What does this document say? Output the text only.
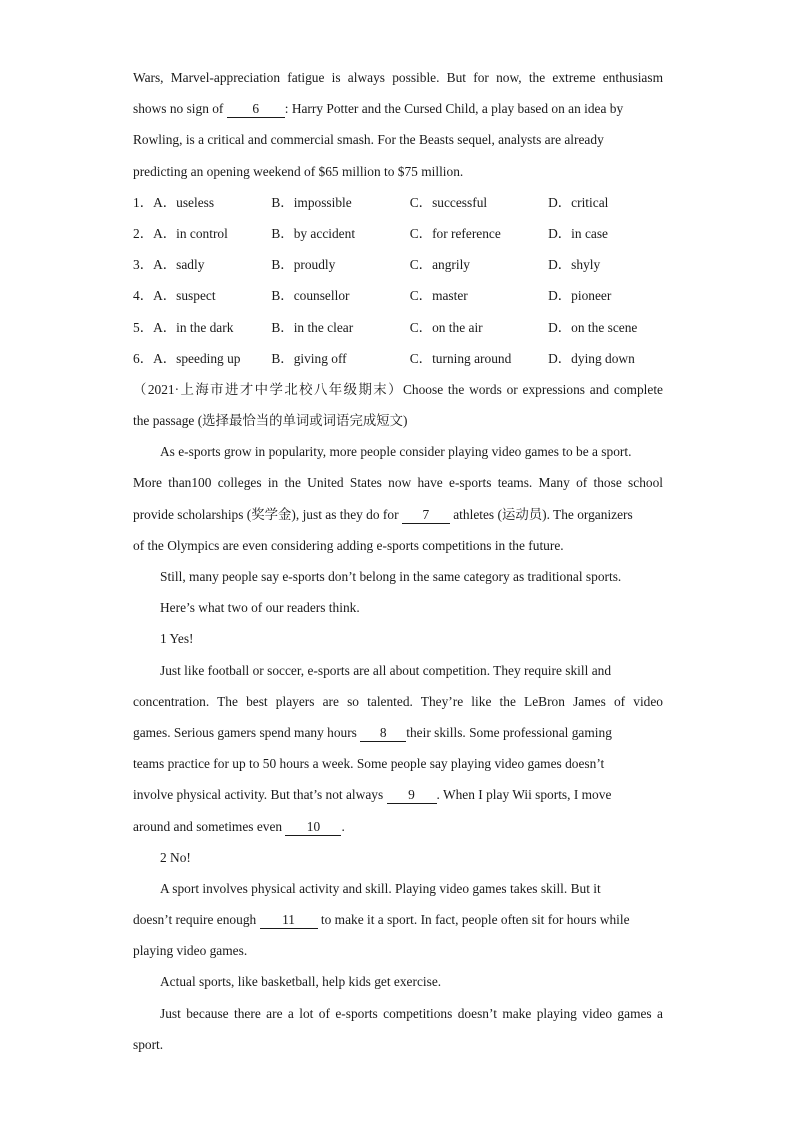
Wars, Marvel-appreciation fatigue is always possible. But for now, the extreme enthusiasm
shows no sign of 6 : Harry Potter and the Cursed Child, a play based on an idea by
Rowling, is a critical and commercial smash. For the Beasts sequel, analysts are already
predicting an opening weekend of $65 million to $75 million.
1．A．useless	B．impossible	C．successful	D．critical
2．A．in control	B．by accident	C．for reference	D．in case
3．A．sadly	B．proudly	C．angrily	D．shyly
4．A．suspect	B．counsellor	C．master	D．pioneer
5．A．in the dark	B．in the clear	C．on the air	D．on the scene
6．A．speeding up	B．giving off	C．turning around	D．dying down
（2021·上海市进才中学北校八年级期末）Choose the words or expressions and complete
the passage (选择最恰当的单词或词语完成短文)
As e-sports grow in popularity, more people consider playing video games to be a sport.
More than100 colleges in the United States now have e-sports teams. Many of those school
provide scholarships (奖学金), just as they do for 7 athletes (运动员). The organizers
of the Olympics are even considering adding e-sports competitions in the future.
Still, many people say e-sports don’t belong in the same category as traditional sports.
Here’s what two of our readers think.
1 Yes!
Just like football or soccer, e-sports are all about competition. They require skill and
concentration. The best players are so talented. They’re like the LeBron James of video
games. Serious gamers spend many hours 8 their skills. Some professional gaming
teams practice for up to 50 hours a week. Some people say playing video games doesn’t
involve physical activity. But that’s not always 9 . When I play Wii sports, I move
around and sometimes even 10 .
2 No!
A sport involves physical activity and skill. Playing video games takes skill. But it
doesn’t require enough 11 to make it a sport. In fact, people often sit for hours while
playing video games.
Actual sports, like basketball, help kids get exercise.
Just because there are a lot of e-sports competitions doesn’t make playing video games a
sport.
